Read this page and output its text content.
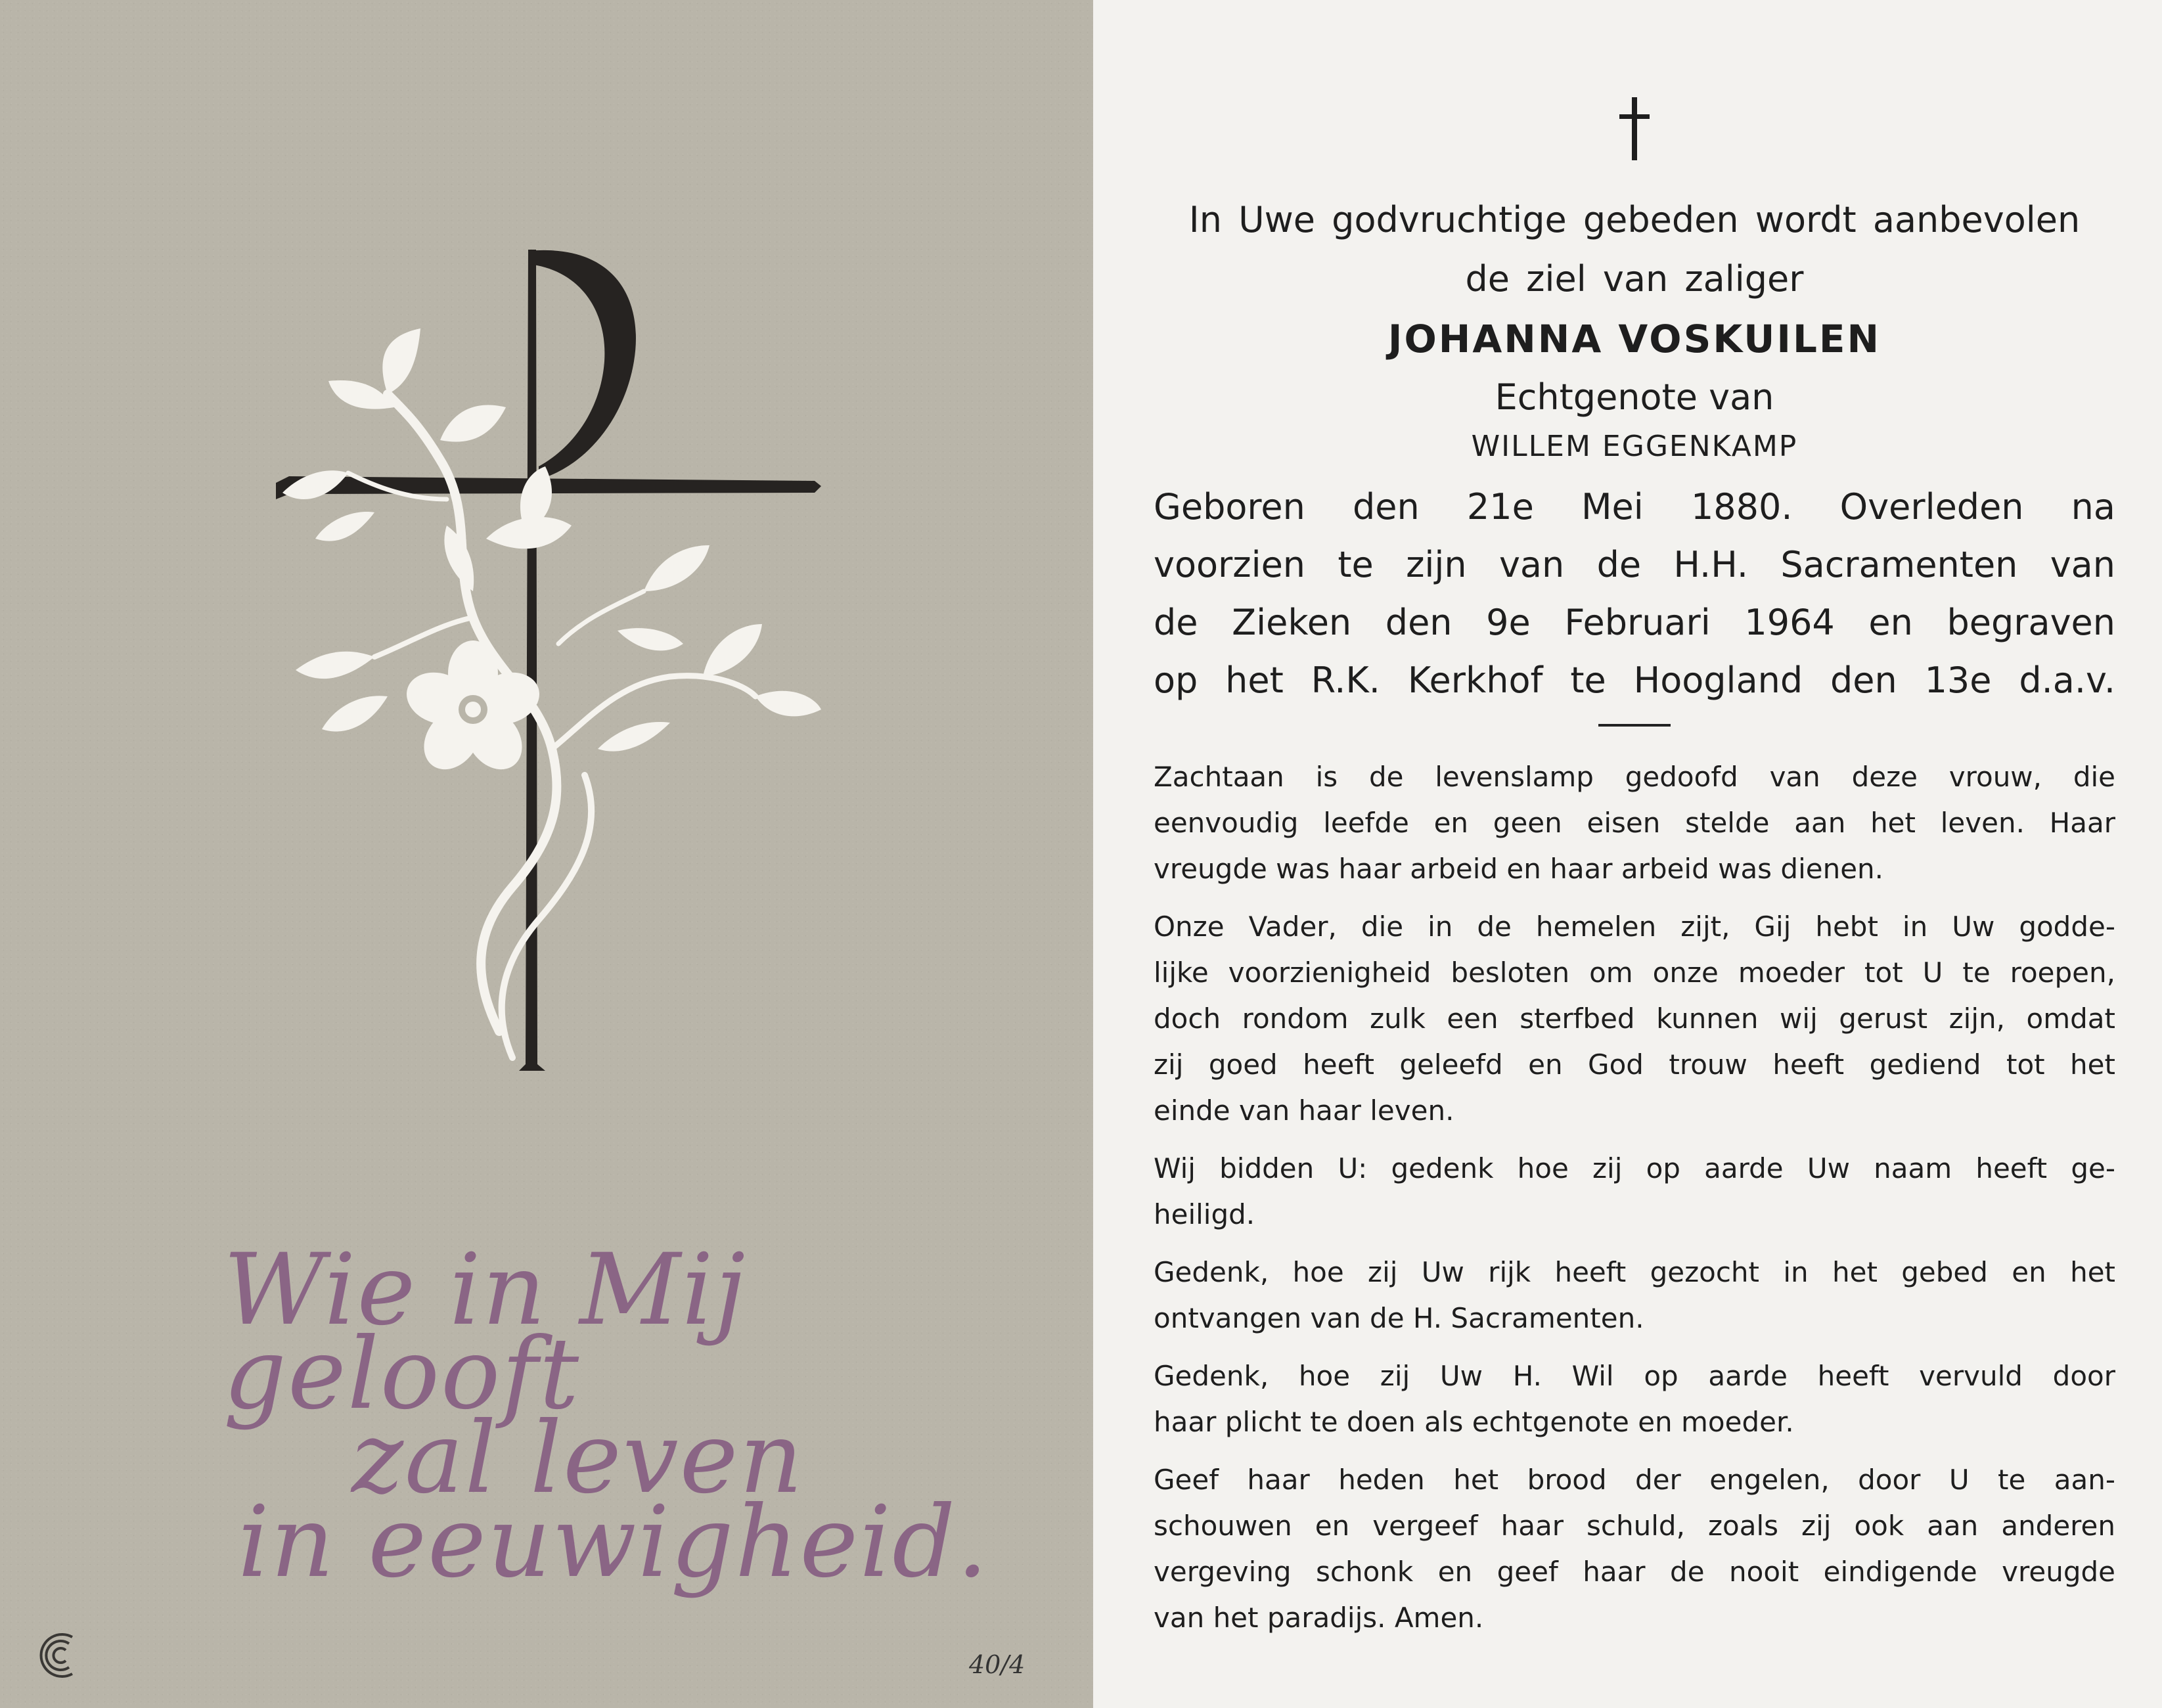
Wie in Mij gelooft
zal leven
in eeuwigheid.
40/4
In Uwe godvruchtige gebeden wordt aanbevolen
de ziel van zaliger
JOHANNA VOSKUILEN
Echtgenote van
WILLEM EGGENKAMP
Geboren den 21e Mei 1880. Overleden na
voorzien te zijn van de H.H. Sacramenten van
de Zieken den 9e Februari 1964 en begraven
op het R.K. Kerkhof te Hoogland den 13e d.a.v.
Zachtaan is de levenslamp gedoofd van deze vrouw, die
eenvoudig leefde en geen eisen stelde aan het leven. Haar
vreugde was haar arbeid en haar arbeid was dienen.
Onze Vader, die in de hemelen zijt, Gij hebt in Uw godde-
lijke voorzienigheid besloten om onze moeder tot U te roepen,
doch rondom zulk een sterfbed kunnen wij gerust zijn, omdat
zij goed heeft geleefd en God trouw heeft gediend tot het
einde van haar leven.
Wij bidden U: gedenk hoe zij op aarde Uw naam heeft ge-
heiligd.
Gedenk, hoe zij Uw rijk heeft gezocht in het gebed en het
ontvangen van de H. Sacramenten.
Gedenk, hoe zij Uw H. Wil op aarde heeft vervuld door
haar plicht te doen als echtgenote en moeder.
Geef haar heden het brood der engelen, door U te aan-
schouwen en vergeef haar schuld, zoals zij ook aan anderen
vergeving schonk en geef haar de nooit eindigende vreugde
van het paradijs. Amen.
